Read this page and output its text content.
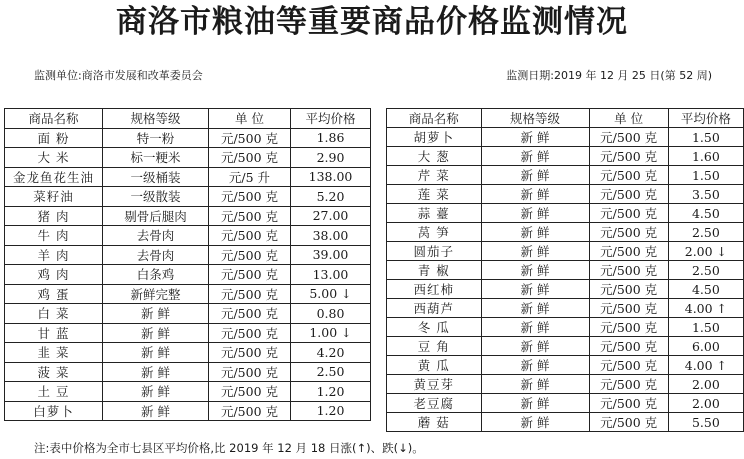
商洛市粮油等重要商品价格监测情况
监测单位:商洛市发展和改革委员会	监测日期:2019 年 12 月 25 日(第 52 周)
商品名称	规格等级	单 位	平均价格
面 粉	特一粉	元/500 克	1.86
大 米	标一粳米	元/500 克	2.90
金龙鱼花生油	一级桶装	元/5 升	138.00
菜籽油	一级散装	元/500 克	5.20
猪 肉	剔骨后腿肉	元/500 克	27.00
牛 肉	去骨肉	元/500 克	38.00
羊 肉	去骨肉	元/500 克	39.00
鸡 肉	白条鸡	元/500 克	13.00
鸡 蛋	新鲜完整	元/500 克	5.00 ↓
白 菜	新 鲜	元/500 克	0.80
甘 蓝	新 鲜	元/500 克	1.00 ↓
韭 菜	新 鲜	元/500 克	4.20
菠 菜	新 鲜	元/500 克	2.50
土 豆	新 鲜	元/500 克	1.20
白萝卜	新 鲜	元/500 克	1.20
商品名称	规格等级	单 位	平均价格
胡萝卜	新 鲜	元/500 克	1.50
大 葱	新 鲜	元/500 克	1.60
芹 菜	新 鲜	元/500 克	1.50
莲 菜	新 鲜	元/500 克	3.50
蒜 薹	新 鲜	元/500 克	4.50
莴 笋	新 鲜	元/500 克	2.50
圆茄子	新 鲜	元/500 克	2.00 ↓
青 椒	新 鲜	元/500 克	2.50
西红柿	新 鲜	元/500 克	4.50
西葫芦	新 鲜	元/500 克	4.00 ↑
冬 瓜	新 鲜	元/500 克	1.50
豆 角	新 鲜	元/500 克	6.00
黄 瓜	新 鲜	元/500 克	4.00 ↑
黄豆芽	新 鲜	元/500 克	2.00
老豆腐	新 鲜	元/500 克	2.00
蘑 菇	新 鲜	元/500 克	5.50
注:表中价格为全市七县区平均价格,比 2019 年 12 月 18 日涨(↑)、跌(↓)。
